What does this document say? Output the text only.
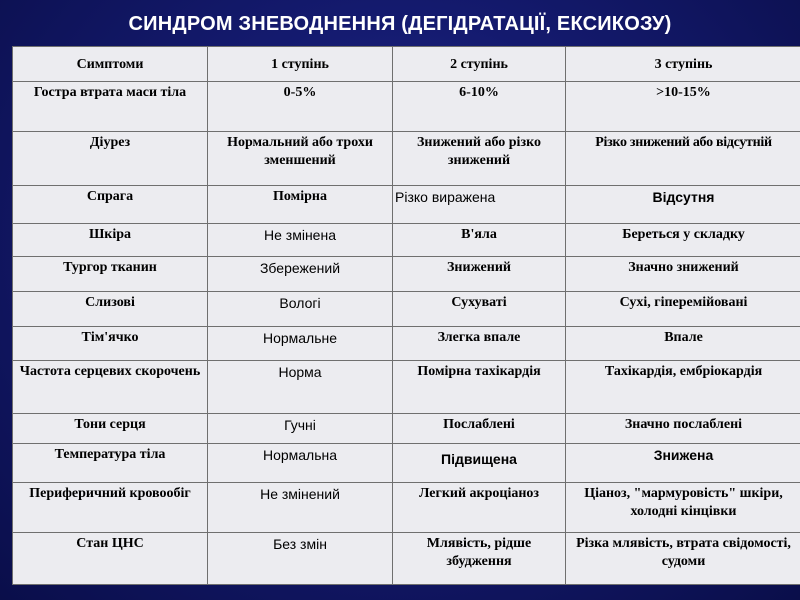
СИНДРОМ ЗНЕВОДНЕННЯ (ДЕГІДРАТАЦІЇ, ЕКСИКОЗУ)
Симптоми	1 ступінь	2 ступінь	3 ступінь
Гостра втрата маси тіла	0-5%	6-10%	>10-15%
Діурез	Нормальний або трохи зменшений	Знижений або різко знижений	Різко знижений або відсутній
Спрага	Помірна	Різко виражена	Відсутня
Шкіра	Не змінена	В'яла	Береться у складку
Тургор тканин	Збережений	Знижений	Значно знижений
Слизові	Вологі	Сухуваті	Сухі, гіперемійовані
Тім'ячко	Нормальне	Злегка впале	Впале
Частота серцевих скорочень	Норма	Помірна тахікардія	Тахікардія, ембріокардія
Тони серця	Гучні	Послаблені	Значно послаблені
Температура тіла	Нормальна	Підвищена	Знижена
Периферичний кровообіг	Не змінений	Легкий акроціаноз	Ціаноз, "мармуровість" шкіри, холодні кінцівки
Стан ЦНС	Без змін	Млявість, рідше збудження	Різка млявість, втрата свідомості, судоми
